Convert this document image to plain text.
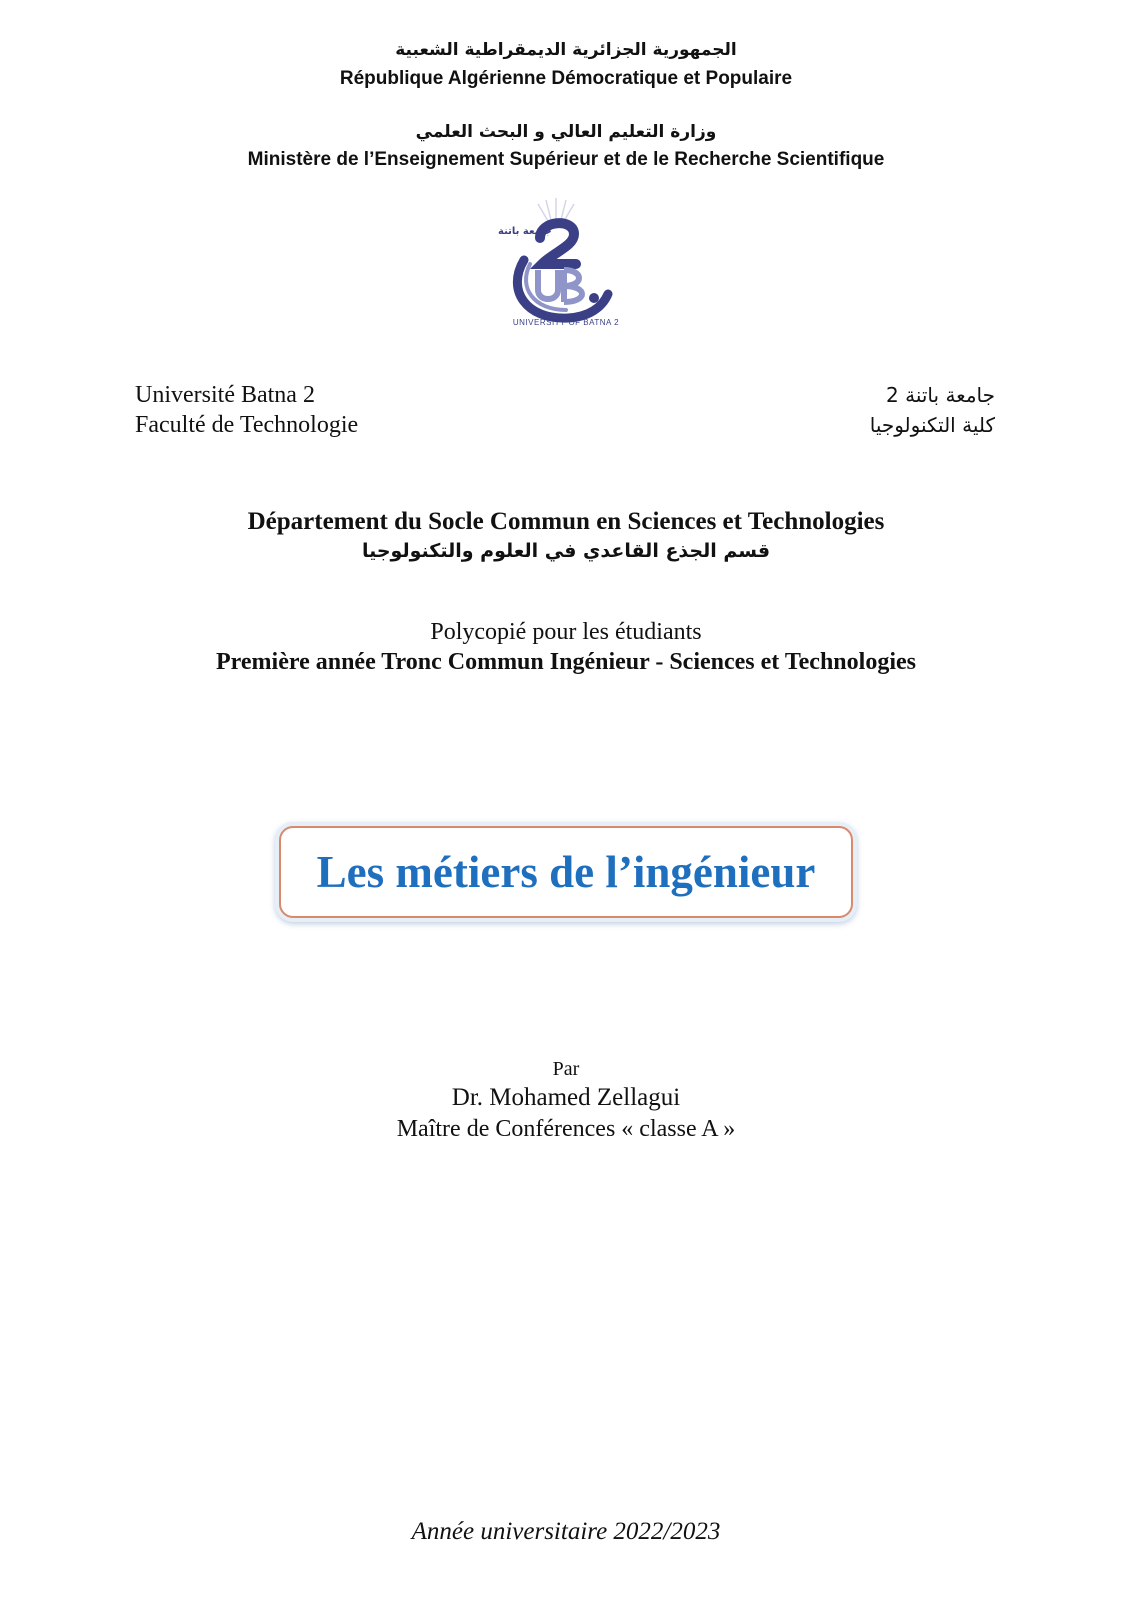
الجمهورية الجزائرية الديمقراطية الشعبية
République Algérienne Démocratique et Populaire
وزارة التعليم العالي و البحث العلمي
Ministère de l’Enseignement Supérieur et de le Recherche Scientifique
جامعة باتنة
UNIVERSITY OF BATNA 2
Université Batna 2
Faculté de Technologie
جامعة باتنة 2
كلية التكنولوجيا
Département du Socle Commun en Sciences et Technologies
قسم الجذع القاعدي في العلوم والتكنولوجيا
Polycopié pour les étudiants
Première année Tronc Commun Ingénieur - Sciences et Technologies
Les métiers de l’ingénieur
Par
Dr. Mohamed Zellagui
Maître de Conférences « classe A »
Année universitaire 2022/2023
